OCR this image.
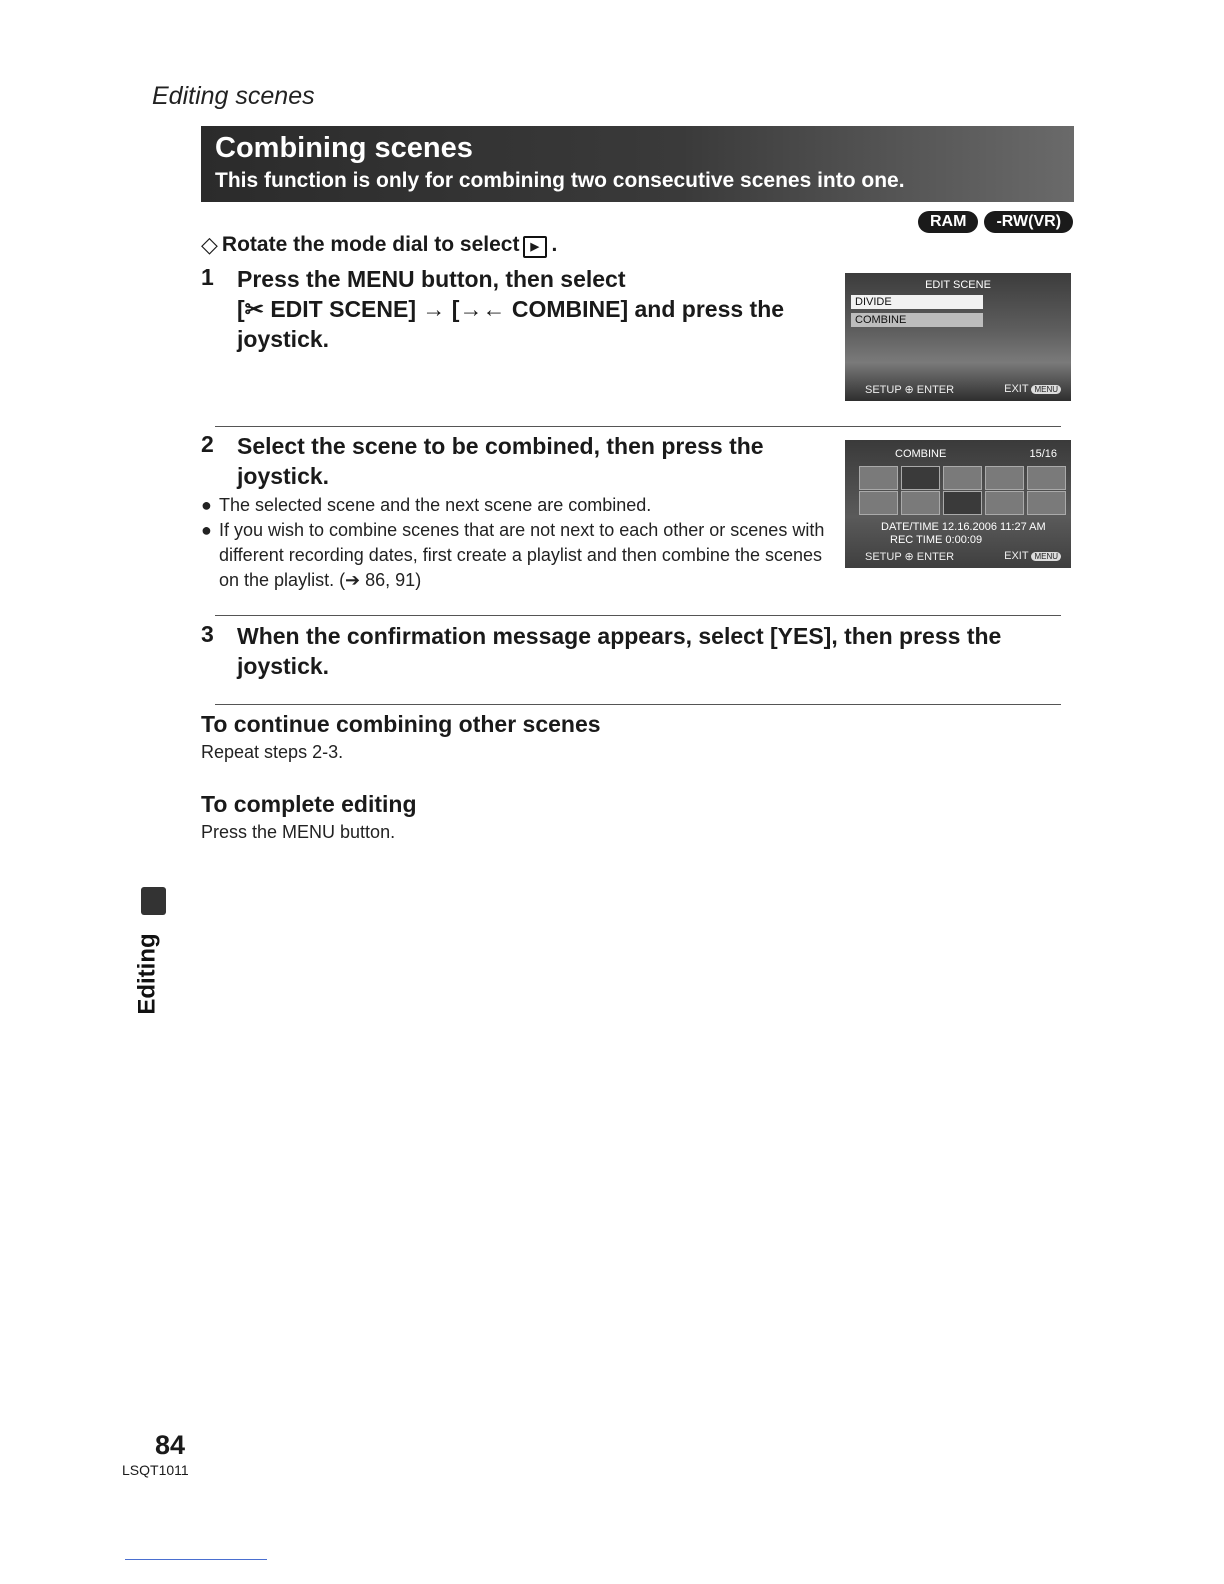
Editing scenes
Combining scenes
This function is only for combining two consecutive scenes into one.
RAM	-RW(VR)
◇ Rotate the mode dial to select ▶ .
1 Press the MENU button, then select
[✂ EDIT SCENE] → [→← COMBINE] and press the
joystick.
EDIT SCENE
DIVIDE
COMBINE
SETUP ⊕ ENTER	EXIT MENU
2 Select the scene to be combined, then press the
joystick.
● The selected scene and the next scene are combined.
● If you wish to combine scenes that are not next to each other or scenes with different recording dates, first create a playlist and then combine the scenes on the playlist. (➔ 86, 91)
COMBINE	15/16
DATE/TIME 12.16.2006 11:27 AM
REC TIME 0:00:09
SETUP ⊕ ENTER	EXIT MENU
3 When the confirmation message appears, select [YES], then press the
joystick.
To continue combining other scenes
Repeat steps 2-3.
To complete editing
Press the MENU button.
Editing
84
LSQT1011
